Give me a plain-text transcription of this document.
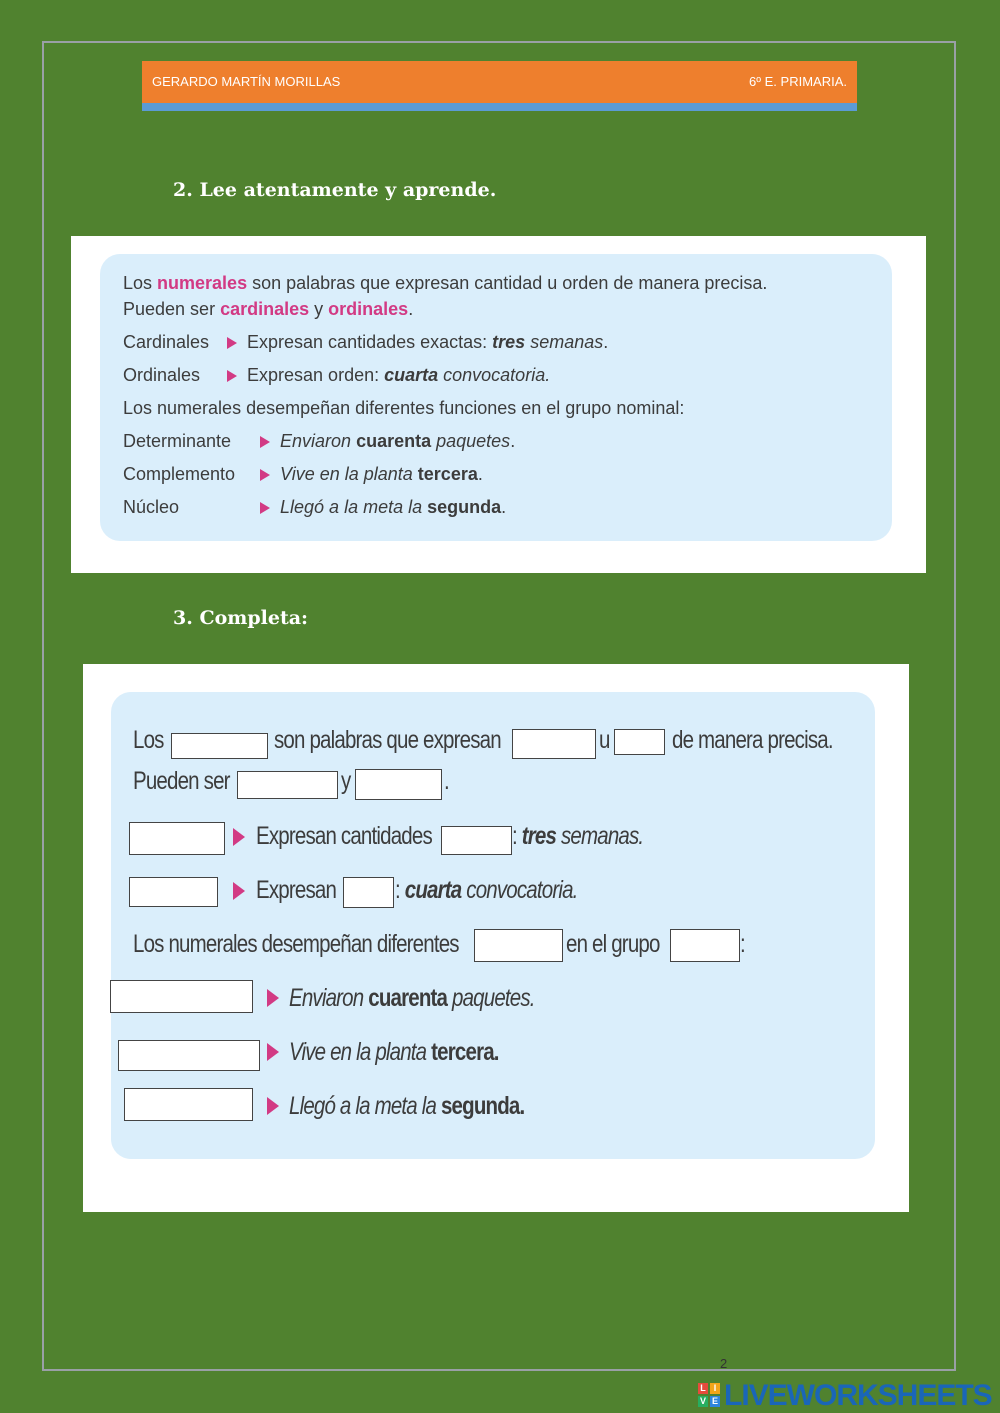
GERARDO MARTÍN MORILLAS	6º E. PRIMARIA.
2. Lee atentamente y aprende.
Los numerales son palabras que expresan cantidad u orden de manera precisa.
Pueden ser cardinales y ordinales.
Cardinales	Expresan cantidades exactas: tres semanas.
Ordinales	Expresan orden: cuarta convocatoria.
Los numerales desempeñan diferentes funciones en el grupo nominal:
Determinante	Enviaron cuarenta paquetes.
Complemento	Vive en la planta tercera.
Núcleo	Llegó a la meta la segunda.
3. Completa:
Los	son palabras que expresan	u de manera precisa.
Pueden ser	y	.
Expresan cantidades	: tres semanas.
Expresan : cuarta convocatoria.
Los numerales desempeñan diferentes	en el grupo	:
Enviaron cuarenta paquetes.
Vive en la planta tercera.
Llegó a la meta la segunda.
2
L I
V E LIVEWORKSHEETS
